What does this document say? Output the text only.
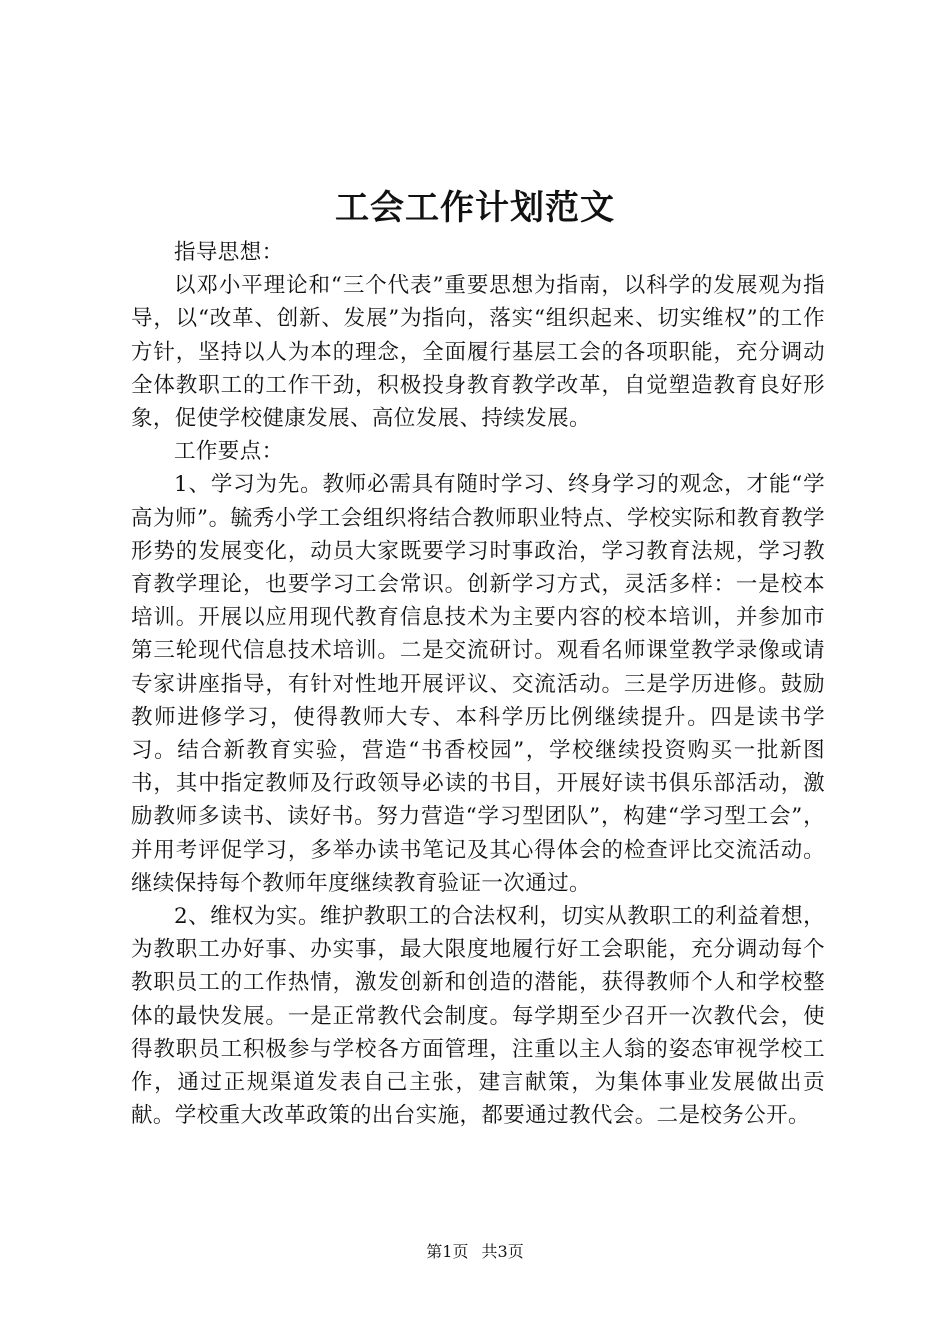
工会工作计划范文

指导思想：

以邓小平理论和“三个代表”重要思想为指南，以科学的发展观为指导，以“改革、创新、发展”为指向，落实“组织起来、切实维权”的工作方针，坚持以人为本的理念，全面履行基层工会的各项职能，充分调动全体教职工的工作干劲，积极投身教育教学改革，自觉塑造教育良好形象，促使学校健康发展、高位发展、持续发展。

工作要点：

1、学习为先。教师必需具有随时学习、终身学习的观念，才能“学高为师”。毓秀小学工会组织将结合教师职业特点、学校实际和教育教学形势的发展变化，动员大家既要学习时事政治，学习教育法规，学习教育教学理论，也要学习工会常识。创新学习方式，灵活多样：一是校本培训。开展以应用现代教育信息技术为主要内容的校本培训，并参加市第三轮现代信息技术培训。二是交流研讨。观看名师课堂教学录像或请专家讲座指导，有针对性地开展评议、交流活动。三是学历进修。鼓励教师进修学习，使得教师大专、本科学历比例继续提升。四是读书学习。结合新教育实验，营造“书香校园”，学校继续投资购买一批新图书，其中指定教师及行政领导必读的书目，开展好读书俱乐部活动，激励教师多读书、读好书。努力营造“学习型团队”，构建“学习型工会”，并用考评促学习，多举办读书笔记及其心得体会的检查评比交流活动。继续保持每个教师年度继续教育验证一次通过。

2、维权为实。维护教职工的合法权利，切实从教职工的利益着想，为教职工办好事、办实事，最大限度地履行好工会职能，充分调动每个教职员工的工作热情，激发创新和创造的潜能，获得教师个人和学校整体的最快发展。一是正常教代会制度。每学期至少召开一次教代会，使得教职员工积极参与学校各方面管理，注重以主人翁的姿态审视学校工作，通过正规渠道发表自己主张，建言献策，为集体事业发展做出贡献。学校重大改革政策的出台实施，都要通过教代会。二是校务公开。

第1页 共3页
